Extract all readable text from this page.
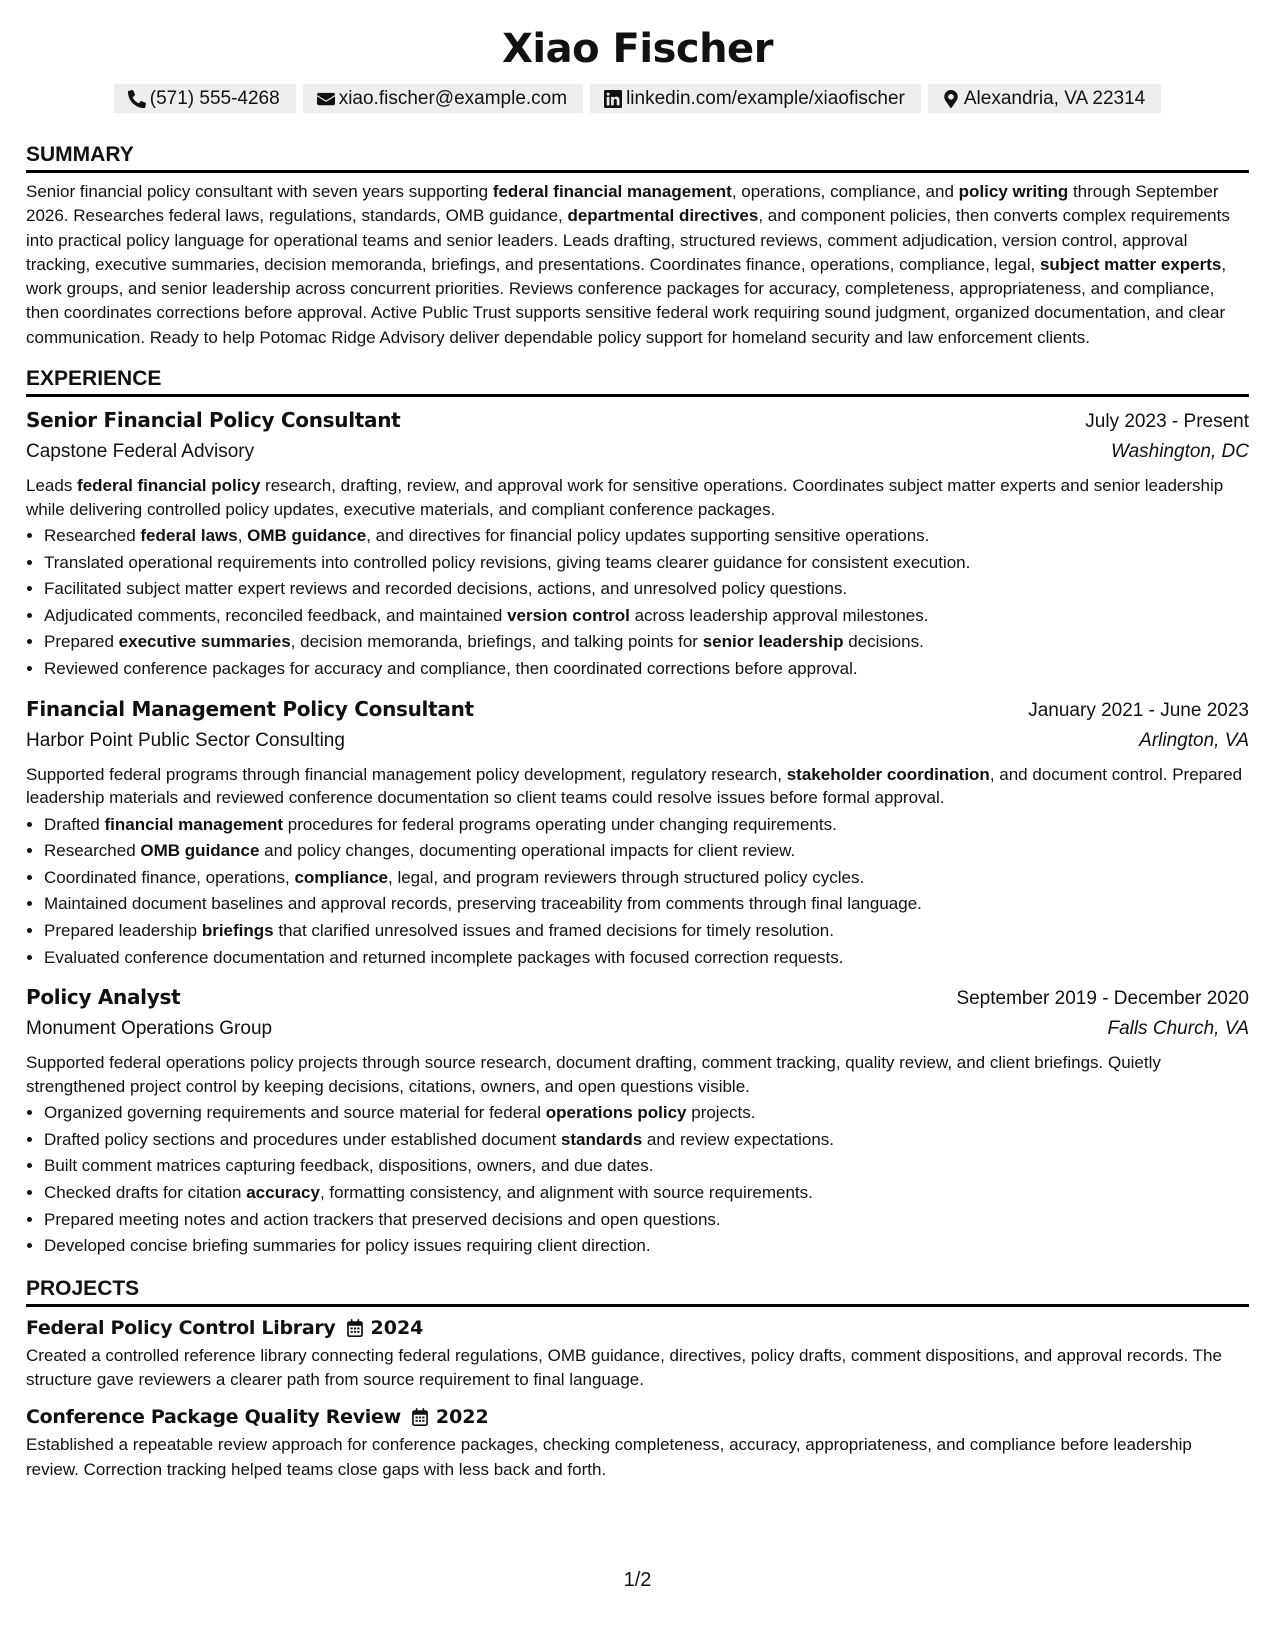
Xiao Fischer
(571) 555-4268	xiao.fischer@example.com	linkedin.com/example/xiaofischer	Alexandria, VA 22314
SUMMARY

Senior financial policy consultant with seven years supporting federal financial management, operations, compliance, and policy writing through September 2026. Researches federal laws, regulations, standards, OMB guidance, departmental directives, and component policies, then converts complex requirements into practical policy language for operational teams and senior leaders. Leads drafting, structured reviews, comment adjudication, version control, approval tracking, executive summaries, decision memoranda, briefings, and presentations. Coordinates finance, operations, compliance, legal, subject matter experts, work groups, and senior leadership across concurrent priorities. Reviews conference packages for accuracy, completeness, appropriateness, and compliance, then coordinates corrections before approval. Active Public Trust supports sensitive federal work requiring sound judgment, organized documentation, and clear communication. Ready to help Potomac Ridge Advisory deliver dependable policy support for homeland security and law enforcement clients.

EXPERIENCE
Senior Financial Policy Consultant	July 2023 - Present
Capstone Federal Advisory	Washington, DC

Leads federal financial policy research, drafting, review, and approval work for sensitive operations. Coordinates subject matter experts and senior leadership while delivering controlled policy updates, executive materials, and compliant conference packages.

• Researched federal laws, OMB guidance, and directives for financial policy updates supporting sensitive operations.
• Translated operational requirements into controlled policy revisions, giving teams clearer guidance for consistent execution.
• Facilitated subject matter expert reviews and recorded decisions, actions, and unresolved policy questions.
• Adjudicated comments, reconciled feedback, and maintained version control across leadership approval milestones.
• Prepared executive summaries, decision memoranda, briefings, and talking points for senior leadership decisions.
• Reviewed conference packages for accuracy and compliance, then coordinated corrections before approval.
Financial Management Policy Consultant	January 2021 - June 2023
Harbor Point Public Sector Consulting	Arlington, VA

Supported federal programs through financial management policy development, regulatory research, stakeholder coordination, and document control. Prepared leadership materials and reviewed conference documentation so client teams could resolve issues before formal approval.

• Drafted financial management procedures for federal programs operating under changing requirements.
• Researched OMB guidance and policy changes, documenting operational impacts for client review.
• Coordinated finance, operations, compliance, legal, and program reviewers through structured policy cycles.
• Maintained document baselines and approval records, preserving traceability from comments through final language.
• Prepared leadership briefings that clarified unresolved issues and framed decisions for timely resolution.
• Evaluated conference documentation and returned incomplete packages with focused correction requests.
Policy Analyst	September 2019 - December 2020
Monument Operations Group	Falls Church, VA

Supported federal operations policy projects through source research, document drafting, comment tracking, quality review, and client briefings. Quietly strengthened project control by keeping decisions, citations, owners, and open questions visible.

• Organized governing requirements and source material for federal operations policy projects.
• Drafted policy sections and procedures under established document standards and review expectations.
• Built comment matrices capturing feedback, dispositions, owners, and due dates.
• Checked drafts for citation accuracy, formatting consistency, and alignment with source requirements.
• Prepared meeting notes and action trackers that preserved decisions and open questions.
• Developed concise briefing summaries for policy issues requiring client direction.
PROJECTS
Federal Policy Control Library 2024

Created a controlled reference library connecting federal regulations, OMB guidance, directives, policy drafts, comment dispositions, and approval records. The structure gave reviewers a clearer path from source requirement to final language.

Conference Package Quality Review 2022

Established a repeatable review approach for conference packages, checking completeness, accuracy, appropriateness, and compliance before leadership review. Correction tracking helped teams close gaps with less back and forth.

1/2
